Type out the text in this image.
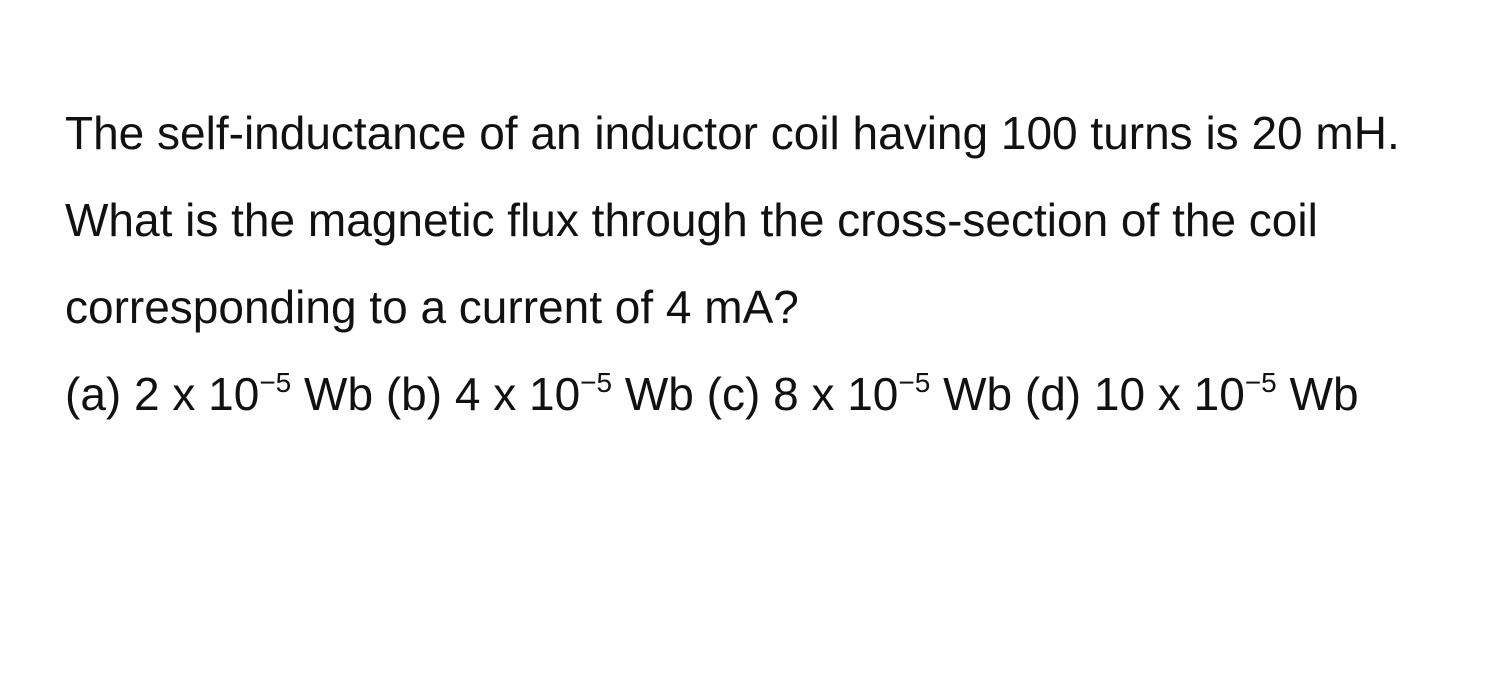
The self-inductance of an inductor coil having 100 turns is 20 mH. What is the magnetic flux through the cross-section of the coil corresponding to a current of 4 mA?
(a) 2 x $10^{-5}$ Wb (b) 4 x $10^{-5}$ Wb (c) 8 x $10^{-5}$ Wb (d) 10 x $10^{-5}$ Wb
